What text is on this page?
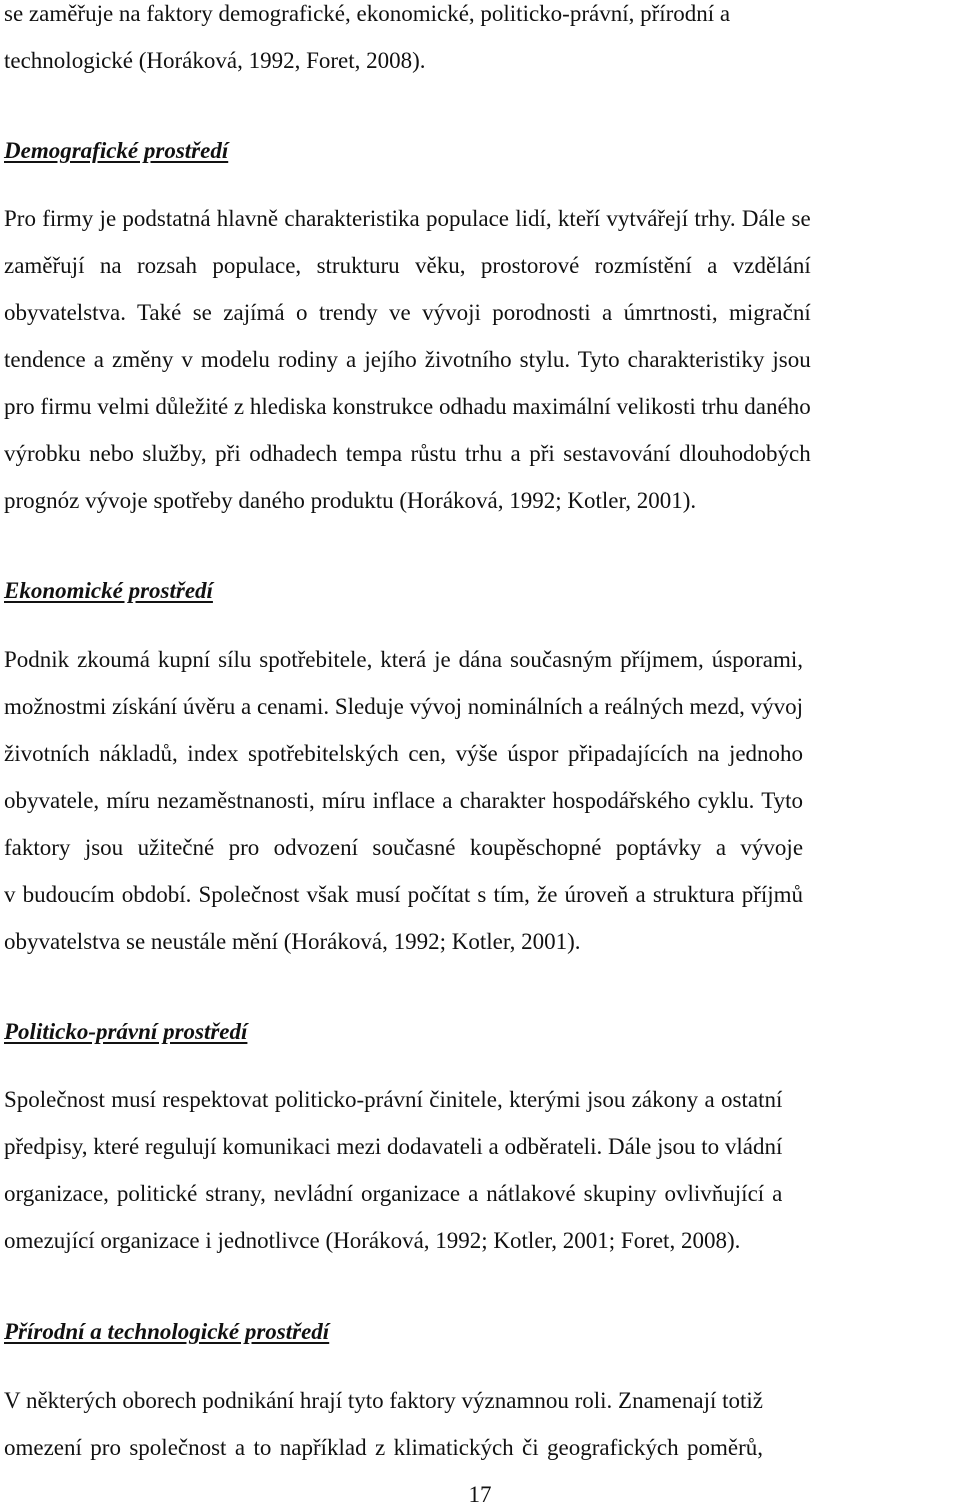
se zaměřuje na faktory demografické, ekonomické, politicko-právní, přírodní a
technologické (Horáková, 1992, Foret, 2008).

Demografické prostředí

Pro firmy je podstatná hlavně charakteristika populace lidí, kteří vytvářejí trhy. Dále se
zaměřují na rozsah populace, strukturu věku, prostorové rozmístění a vzdělání
obyvatelstva. Také se zajímá o trendy ve vývoji porodnosti a úmrtnosti, migrační
tendence a změny v modelu rodiny a jejího životního stylu. Tyto charakteristiky jsou
pro firmu velmi důležité z hlediska konstrukce odhadu maximální velikosti trhu daného
výrobku nebo služby, při odhadech tempa růstu trhu a při sestavování dlouhodobých
prognóz vývoje spotřeby daného produktu (Horáková, 1992; Kotler, 2001).

Ekonomické prostředí

Podnik zkoumá kupní sílu spotřebitele, která je dána současným příjmem, úsporami,
možnostmi získání úvěru a cenami. Sleduje vývoj nominálních a reálných mezd, vývoj
životních nákladů, index spotřebitelských cen, výše úspor připadajících na jednoho
obyvatele, míru nezaměstnanosti, míru inflace a charakter hospodářského cyklu. Tyto
faktory jsou užitečné pro odvození současné koupěschopné poptávky a vývoje
v budoucím období. Společnost však musí počítat s tím, že úroveň a struktura příjmů
obyvatelstva se neustále mění (Horáková, 1992; Kotler, 2001).

Politicko-právní prostředí

Společnost musí respektovat politicko-právní činitele, kterými jsou zákony a ostatní
předpisy, které regulují komunikaci mezi dodavateli a odběrateli. Dále jsou to vládní
organizace, politické strany, nevládní organizace a nátlakové skupiny ovlivňující a
omezující organizace i jednotlivce (Horáková, 1992; Kotler, 2001; Foret, 2008).

Přírodní a technologické prostředí

V některých oborech podnikání hrají tyto faktory významnou roli. Znamenají totiž
omezení pro společnost a to například z klimatických či geografických poměrů,

17
